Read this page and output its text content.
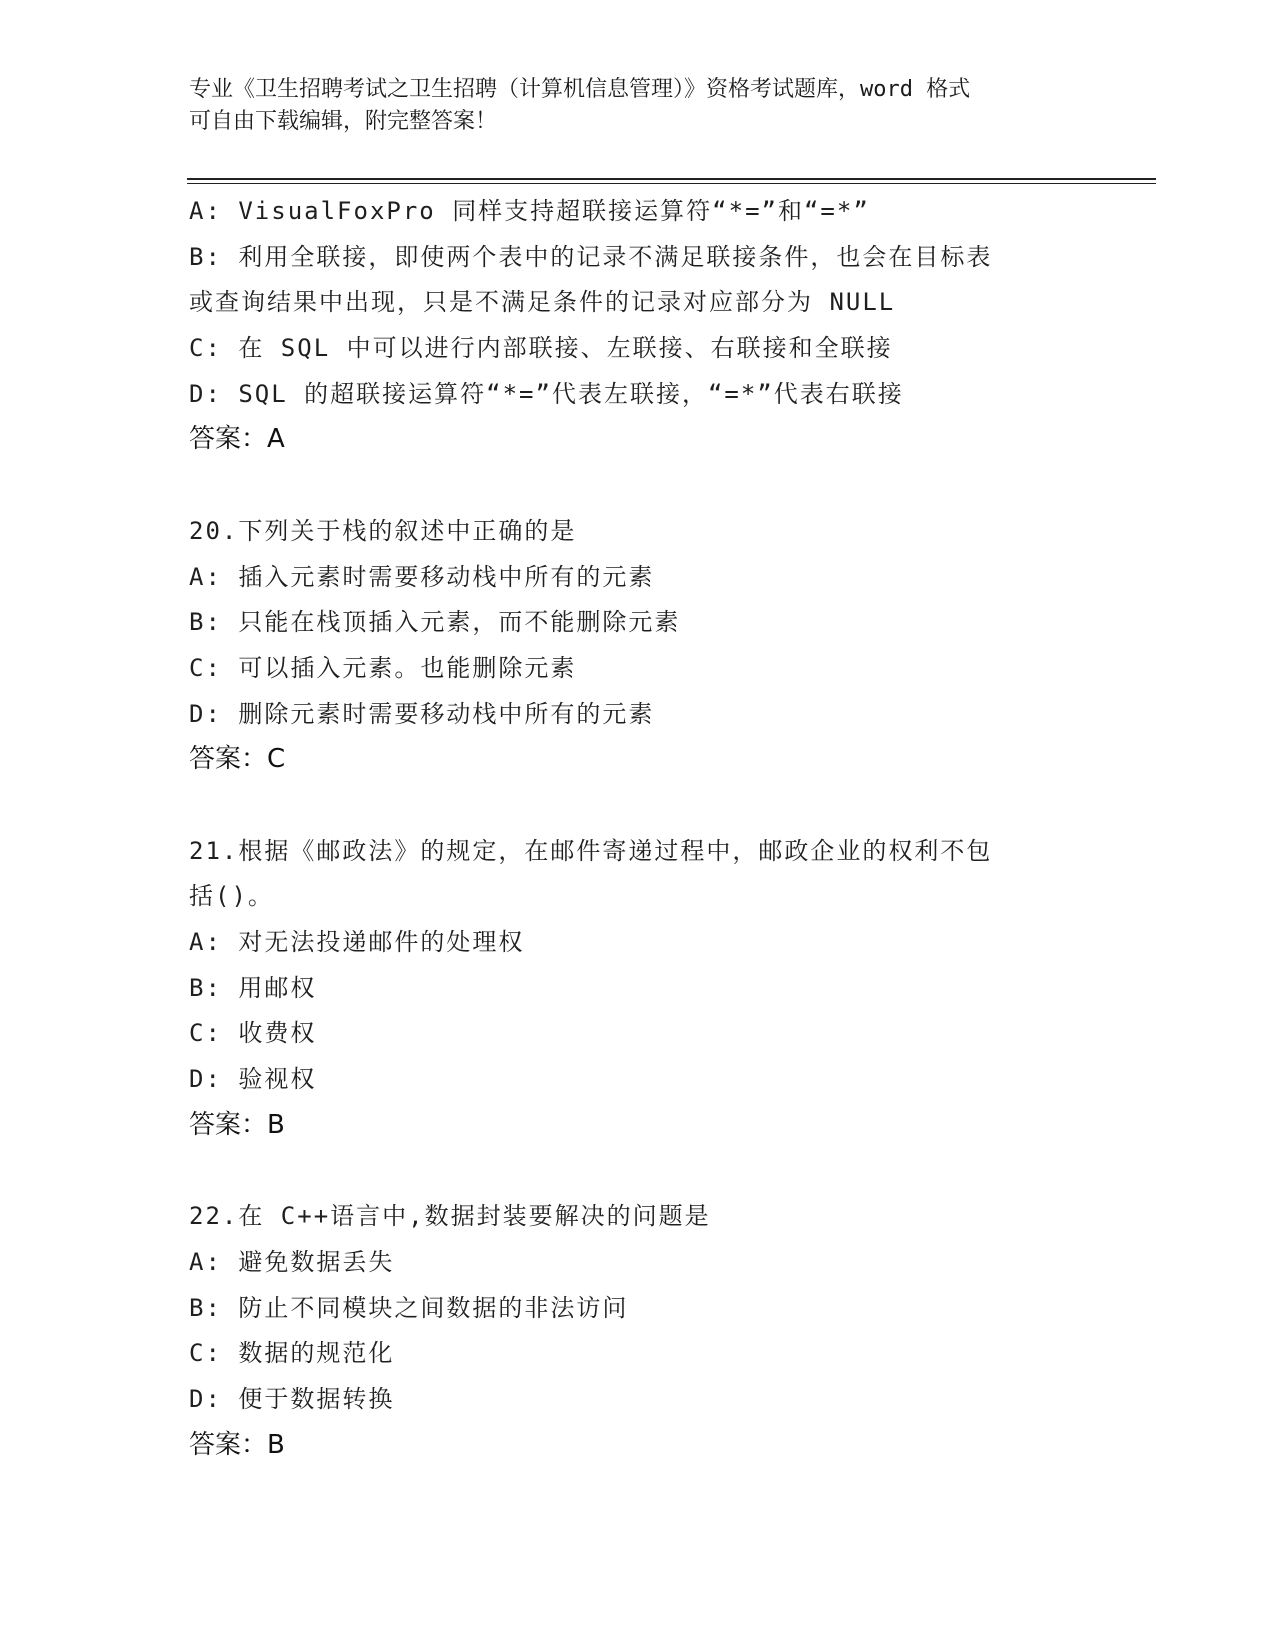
专业《卫生招聘考试之卫生招聘（计算机信息管理）》资格考试题库，word 格式
可自由下载编辑，附完整答案！
A: VisualFoxPro 同样支持超联接运算符“*=”和“=*”
B: 利用全联接，即使两个表中的记录不满足联接条件，也会在目标表
或查询结果中出现，只是不满足条件的记录对应部分为 NULL
C: 在 SQL 中可以进行内部联接、左联接、右联接和全联接
D: SQL 的超联接运算符“*=”代表左联接，“=*”代表右联接
答案：A
20.下列关于栈的叙述中正确的是
A: 插入元素时需要移动栈中所有的元素
B: 只能在栈顶插入元素，而不能删除元素
C: 可以插入元素。也能删除元素
D: 删除元素时需要移动栈中所有的元素
答案：C
21.根据《邮政法》的规定，在邮件寄递过程中，邮政企业的权利不包
括()。
A: 对无法投递邮件的处理权
B: 用邮权
C: 收费权
D: 验视权
答案：B
22.在 C++语言中,数据封装要解决的问题是
A: 避免数据丢失
B: 防止不同模块之间数据的非法访问
C: 数据的规范化
D: 便于数据转换
答案：B
